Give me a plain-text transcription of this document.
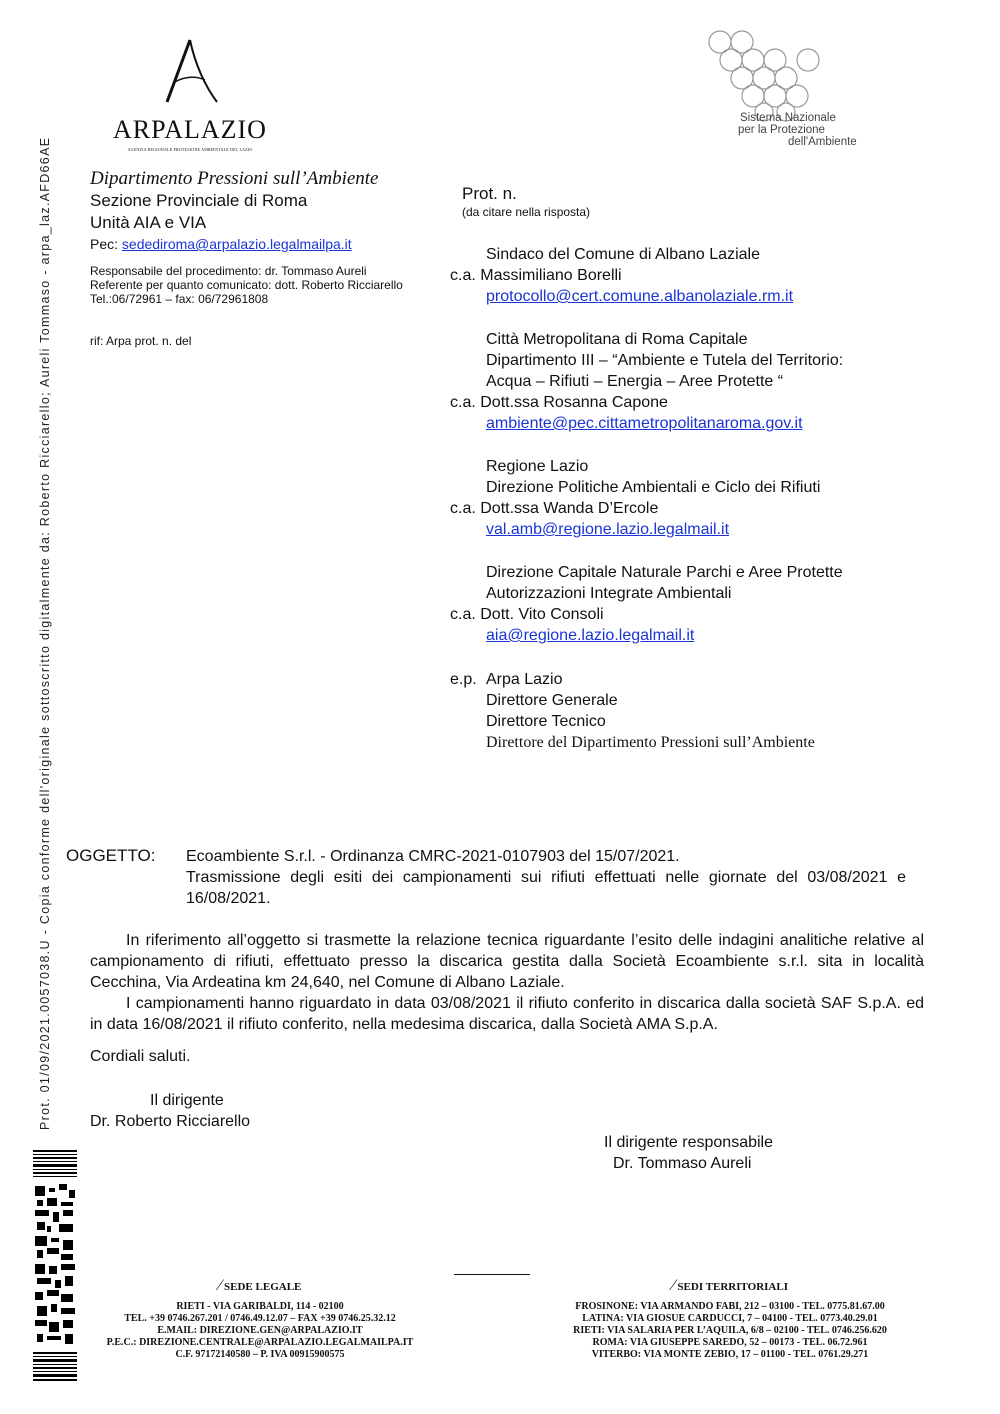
Prot. 01/09/2021.0057038.U - Copia conforme dell'originale sottoscritto digitalmente da: Roberto Ricciarello; Aureli Tommaso - arpa_laz.AFD66AE
ARPALAZIO
AGENZIA REGIONALE PROTEZIONE AMBIENTALE DEL LAZIO
Sistema Nazionale
per la Protezione
dell'Ambiente
Dipartimento Pressioni sull’Ambiente
Sezione Provinciale di Roma
Unità AIA e VIA
Pec: sedediroma@arpalazio.legalmailpa.it
Responsabile del procedimento: dr. Tommaso Aureli
Referente per quanto comunicato: dott. Roberto Ricciarello
Tel.:06/72961 – fax: 06/72961808
rif: Arpa prot. n. del
Prot. n.
(da citare nella risposta)
Sindaco del Comune di Albano Laziale
c.a. Massimiliano Borelli
protocollo@cert.comune.albanolaziale.rm.it
Città Metropolitana di Roma Capitale
Dipartimento III – “Ambiente e Tutela del Territorio:
Acqua – Rifiuti – Energia – Aree Protette “
c.a. Dott.ssa Rosanna Capone
ambiente@pec.cittametropolitanaroma.gov.it
Regione Lazio
Direzione Politiche Ambientali e Ciclo dei Rifiuti
c.a. Dott.ssa Wanda D’Ercole
val.amb@regione.lazio.legalmail.it
Direzione Capitale Naturale Parchi e Aree Protette
Autorizzazioni Integrate Ambientali
c.a. Dott. Vito Consoli
aia@regione.lazio.legalmail.it
e.p. Arpa Lazio
Direttore Generale
Direttore Tecnico
Direttore del Dipartimento Pressioni sull’Ambiente
OGGETTO: Ecoambiente S.r.l. - Ordinanza CMRC-2021-0107903 del 15/07/2021.
Trasmissione degli esiti dei campionamenti sui rifiuti effettuati nelle giornate del 03/08/2021 e 16/08/2021.
In riferimento all’oggetto si trasmette la relazione tecnica riguardante l’esito delle indagini analitiche relative al campionamento di rifiuti, effettuato presso la discarica gestita dalla Società Ecoambiente s.r.l. sita in località Cecchina, Via Ardeatina km 24,640, nel Comune di Albano Laziale.
I campionamenti hanno riguardato in data 03/08/2021 il rifiuto conferito in discarica dalla società SAF S.p.A. ed in data 16/08/2021 il rifiuto conferito, nella medesima discarica, dalla Società AMA S.p.A.
Cordiali saluti.
Il dirigente
Dr. Roberto Ricciarello
Il dirigente responsabile
Dr. Tommaso Aureli
⁄ SEDE LEGALE
RIETI - VIA GARIBALDI, 114 - 02100
TEL. +39 0746.267.201 / 0746.49.12.07 – FAX +39 0746.25.32.12
E.MAIL: DIREZIONE.GEN@ARPALAZIO.IT
P.E.C.: DIREZIONE.CENTRALE@ARPALAZIO.LEGALMAILPA.IT
C.F. 97172140580 – P. IVA 00915900575
⁄ SEDI TERRITORIALI
FROSINONE: VIA ARMANDO FABI, 212 – 03100 - TEL. 0775.81.67.00
LATINA: VIA GIOSUE CARDUCCI, 7 – 04100 - TEL. 0773.40.29.01
RIETI: VIA SALARIA PER L’AQUILA, 6/8 – 02100 - TEL. 0746.256.620
ROMA: VIA GIUSEPPE SAREDO, 52 – 00173 - TEL. 06.72.961
VITERBO: VIA MONTE ZEBIO, 17 – 01100 - TEL. 0761.29.271
